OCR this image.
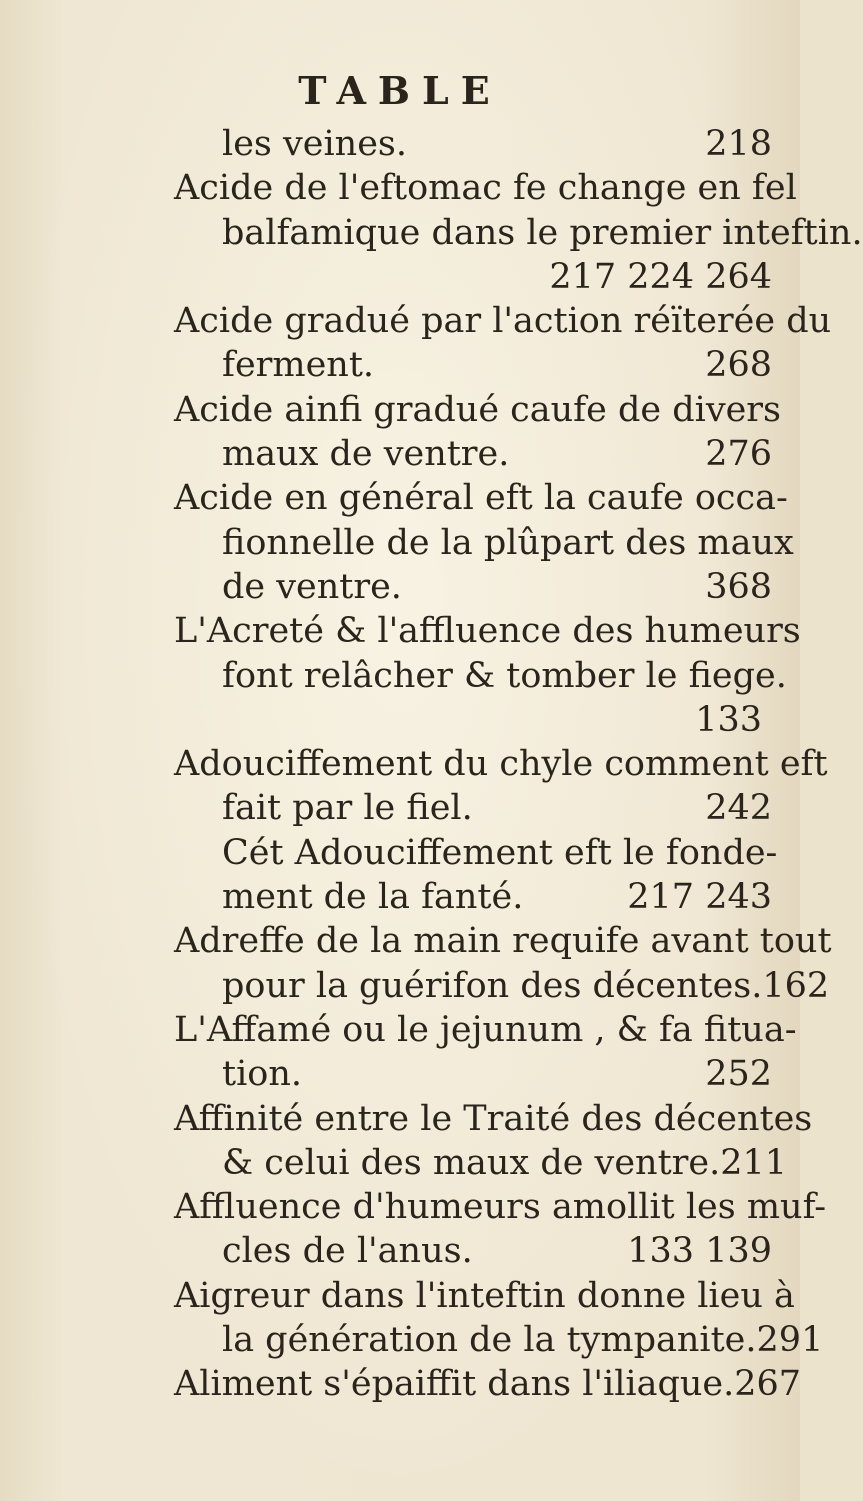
TABLE
les veines.	218
Acide de l'eftomac fe change en fel
balfamique dans le premier inteftin.
217 224 264
Acide gradué par l'action réïterée du
ferment.	268
Acide ainfi gradué caufe de divers
maux de ventre.	276
Acide en général eft la caufe occa-
fionnelle de la plûpart des maux
de ventre.	368
L'Acreté & l'affluence des humeurs
font relâcher & tomber le fiege.
133
Adouciffement du chyle comment eft
fait par le fiel.	242
Cét Adouciffement eft le fonde-
ment de la fanté.	217 243
Adreffe de la main requife avant tout
pour la guérifon des décentes. 162
L'Affamé ou le jejunum , & fa fitua-
tion.	252
Affinité entre le Traité des décentes
& celui des maux de ventre. 211
Affluence d'humeurs amollit les muf-
cles de l'anus.	133 139
Aigreur dans l'inteftin donne lieu à
la génération de la tympanite. 291
Aliment s'épaiffit dans l'iliaque. 267
